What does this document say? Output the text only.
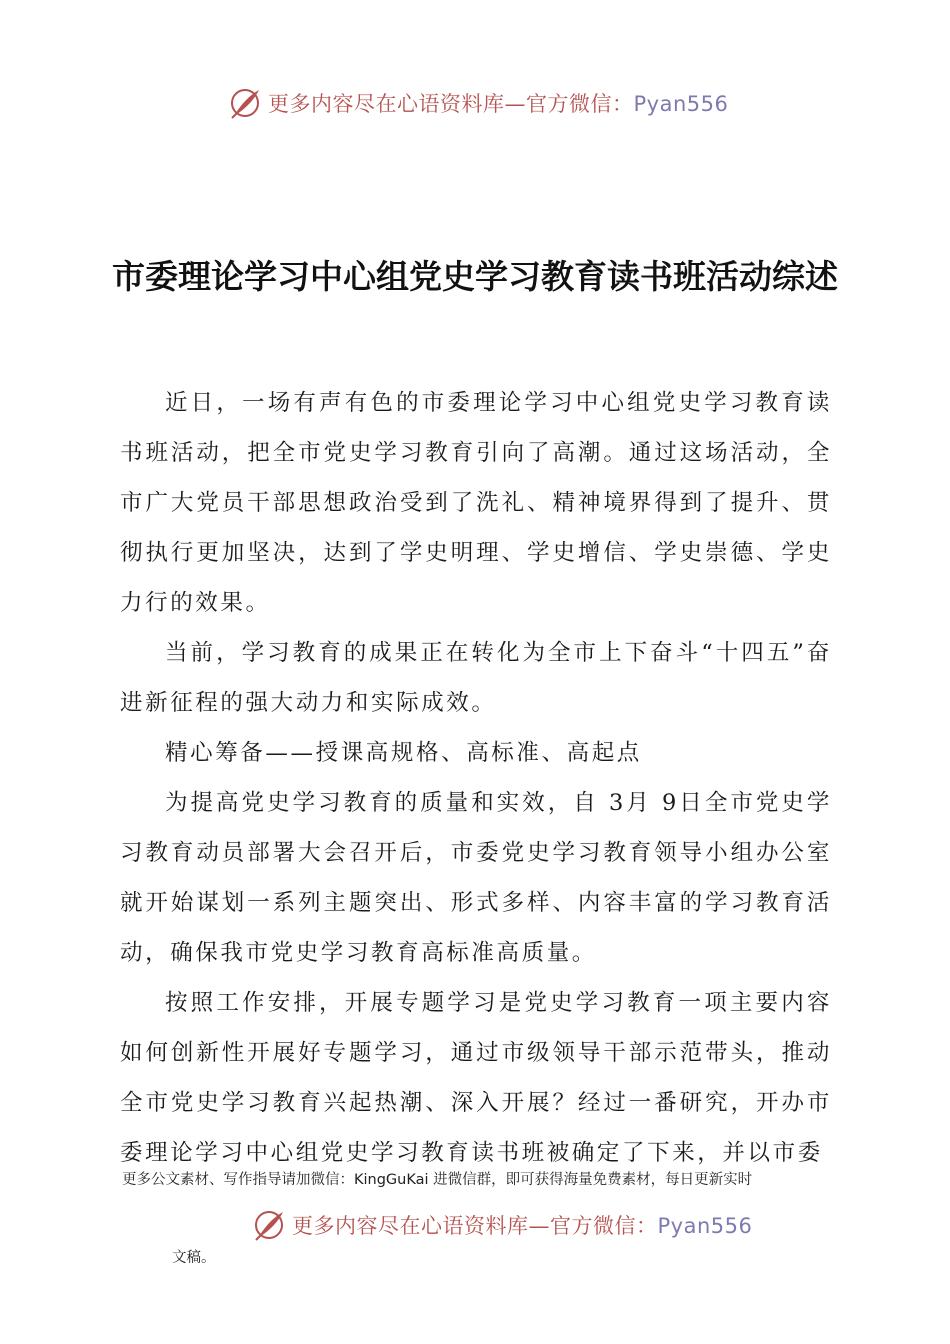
更多内容尽在心语资料库—官方微信：Pyan556
市委理论学习中心组党史学习教育读书班活动综述

近日，一场有声有色的市委理论学习中心组党史学习教育读书班活动，把全市党史学习教育引向了高潮。通过这场活动，全市广大党员干部思想政治受到了洗礼、精神境界得到了提升、贯彻执行更加坚决，达到了学史明理、学史增信、学史崇德、学史力行的效果。

当前，学习教育的成果正在转化为全市上下奋斗“十四五”奋进新征程的强大动力和实际成效。

精心筹备——授课高规格、高标准、高起点

为提高党史学习教育的质量和实效，自 3月 9日全市党史学习教育动员部署大会召开后，市委党史学习教育领导小组办公室就开始谋划一系列主题突出、形式多样、内容丰富的学习教育活动，确保我市党史学习教育高标准高质量。

按照工作安排，开展专题学习是党史学习教育一项主要内容如何创新性开展好专题学习，通过市级领导干部示范带头，推动全市党史学习教育兴起热潮、深入开展？经过一番研究，开办市委理论学习中心组党史学习教育读书班被确定了下来，并以市委

更多公文素材、写作指导请加微信：KingGuKai 进微信群，即可获得海量免费素材，每日更新实时
更多内容尽在心语资料库—官方微信：Pyan556
文稿。
